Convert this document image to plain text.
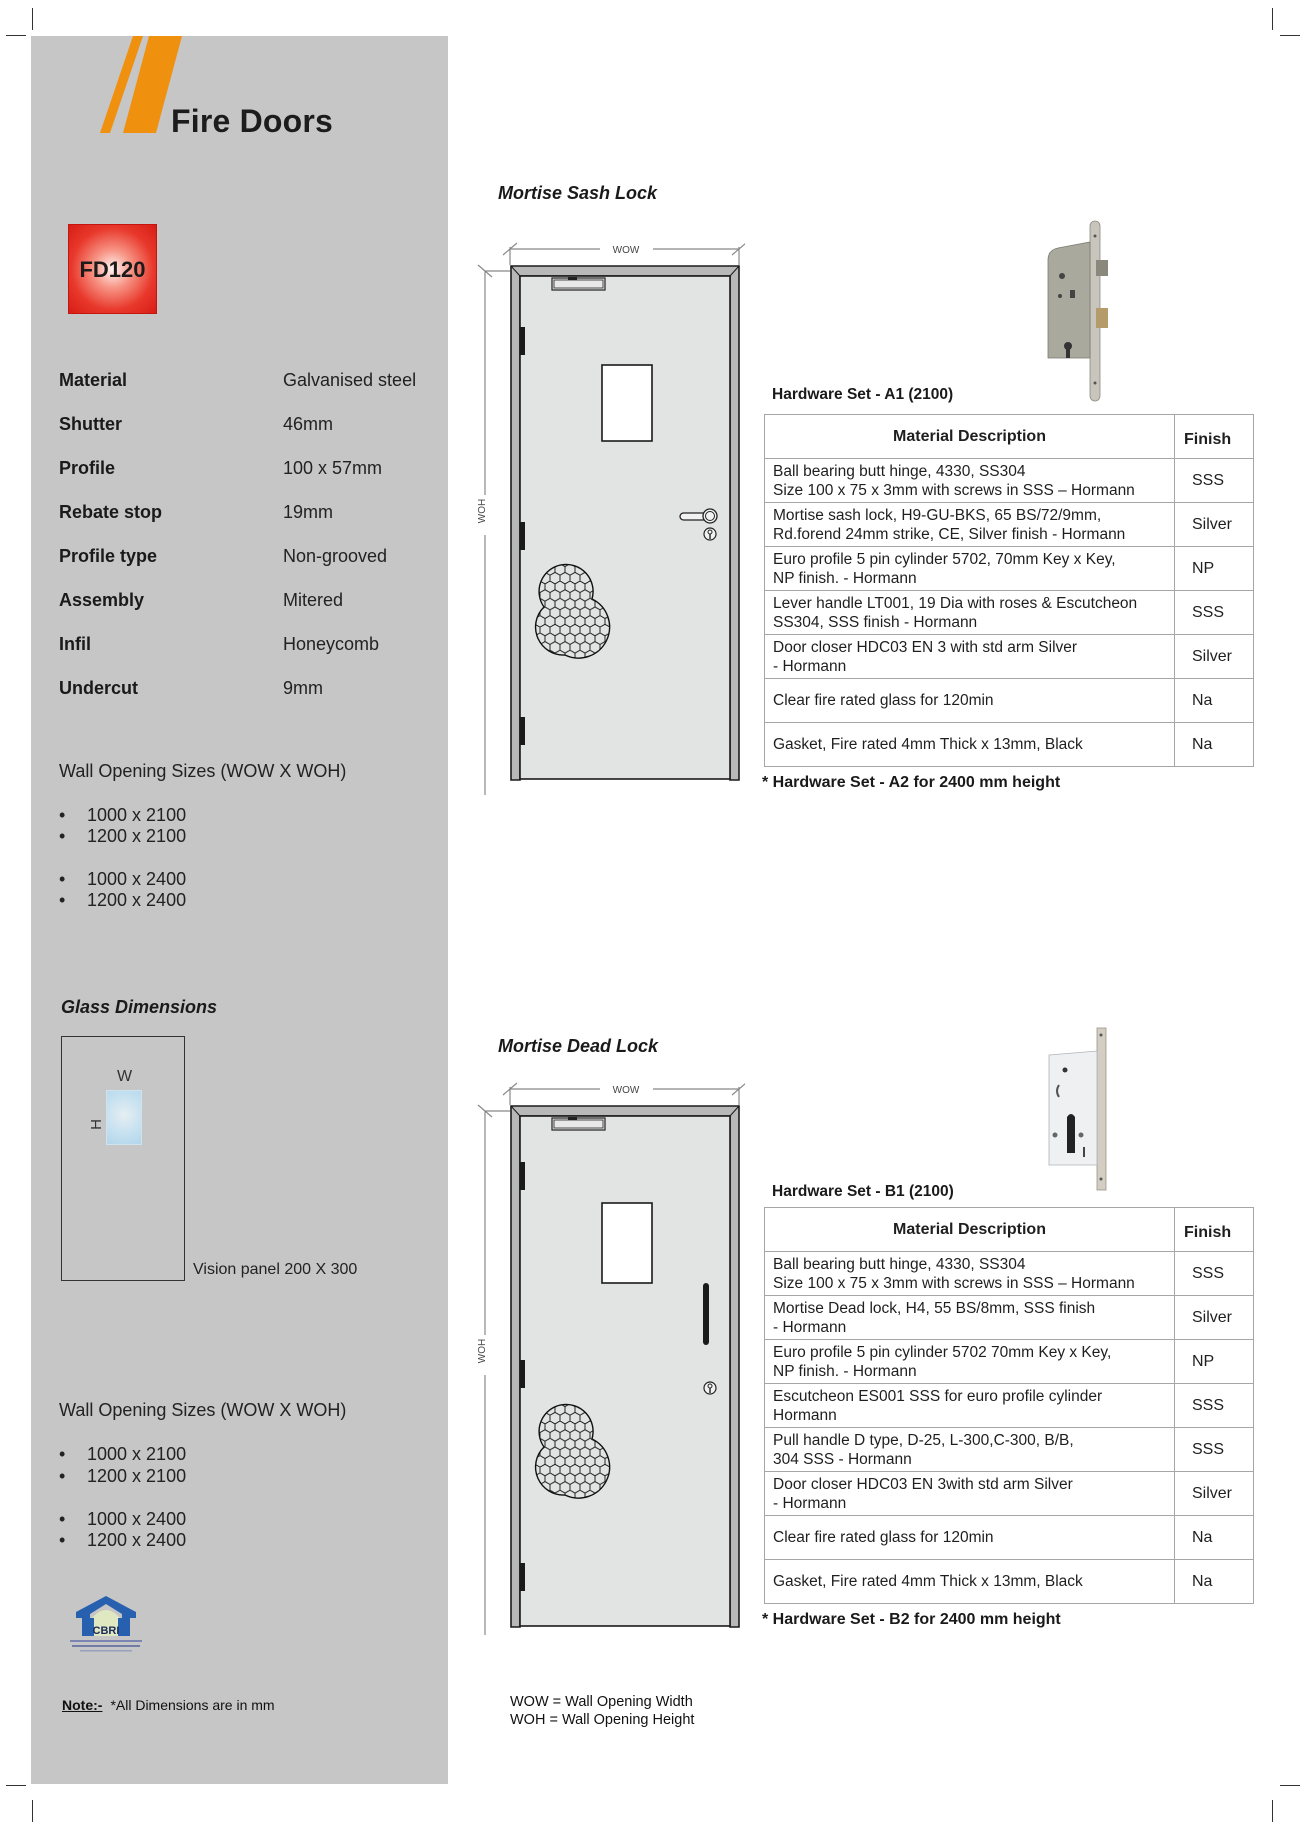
Fire Doors
FD120
Material	Galvanised steel
Shutter	46mm
Profile	100 x 57mm
Rebate stop	19mm
Profile type	Non-grooved
Assembly	Mitered
Infil	Honeycomb
Undercut	9mm
Wall Opening Sizes (WOW X WOH)
• 1000 x 2100
• 1200 x 2100
• 1000 x 2400
• 1200 x 2400
Glass Dimensions
W
H
Vision panel 200 X 300
Wall Opening Sizes (WOW X WOH)
• 1000 x 2100
• 1200 x 2100
• 1000 x 2400
• 1200 x 2400
CBRI
Note:- *All Dimensions are in mm
Mortise Sash Lock
WOW
WOH
Hardware Set - A1 (2100)
Material Description	Finish

Ball bearing butt hinge, 4330, SS304
Size 100 x 75 x 3mm with screws in SSS – Hormann	SSS

Mortise sash lock, H9-GU-BKS, 65 BS/72/9mm,
Rd.forend 24mm strike, CE, Silver finish - Hormann	Silver

Euro profile 5 pin cylinder 5702, 70mm Key x Key,
NP finish. - Hormann	NP

Lever handle LT001, 19 Dia with roses & Escutcheon
SS304, SSS finish - Hormann	SSS

Door closer HDC03 EN 3 with std arm Silver
- Hormann	Silver
Clear fire rated glass for 120min	Na
Gasket, Fire rated 4mm Thick x 13mm, Black	Na
* Hardware Set - A2 for 2400 mm height
Mortise Dead Lock
WOW
WOH
Hardware Set - B1 (2100)
Material Description	Finish

Ball bearing butt hinge, 4330, SS304
Size 100 x 75 x 3mm with screws in SSS – Hormann	SSS

Mortise Dead lock, H4, 55 BS/8mm, SSS finish
- Hormann	Silver

Euro profile 5 pin cylinder 5702 70mm Key x Key,
NP finish. - Hormann	NP

Escutcheon ES001 SSS for euro profile cylinder
Hormann	SSS

Pull handle D type, D-25, L-300,C-300, B/B,
304 SSS - Hormann	SSS

Door closer HDC03 EN 3with std arm Silver
- Hormann	Silver
Clear fire rated glass for 120min	Na
Gasket, Fire rated 4mm Thick x 13mm, Black	Na
* Hardware Set - B2 for 2400 mm height
WOW = Wall Opening Width
WOH = Wall Opening Height
